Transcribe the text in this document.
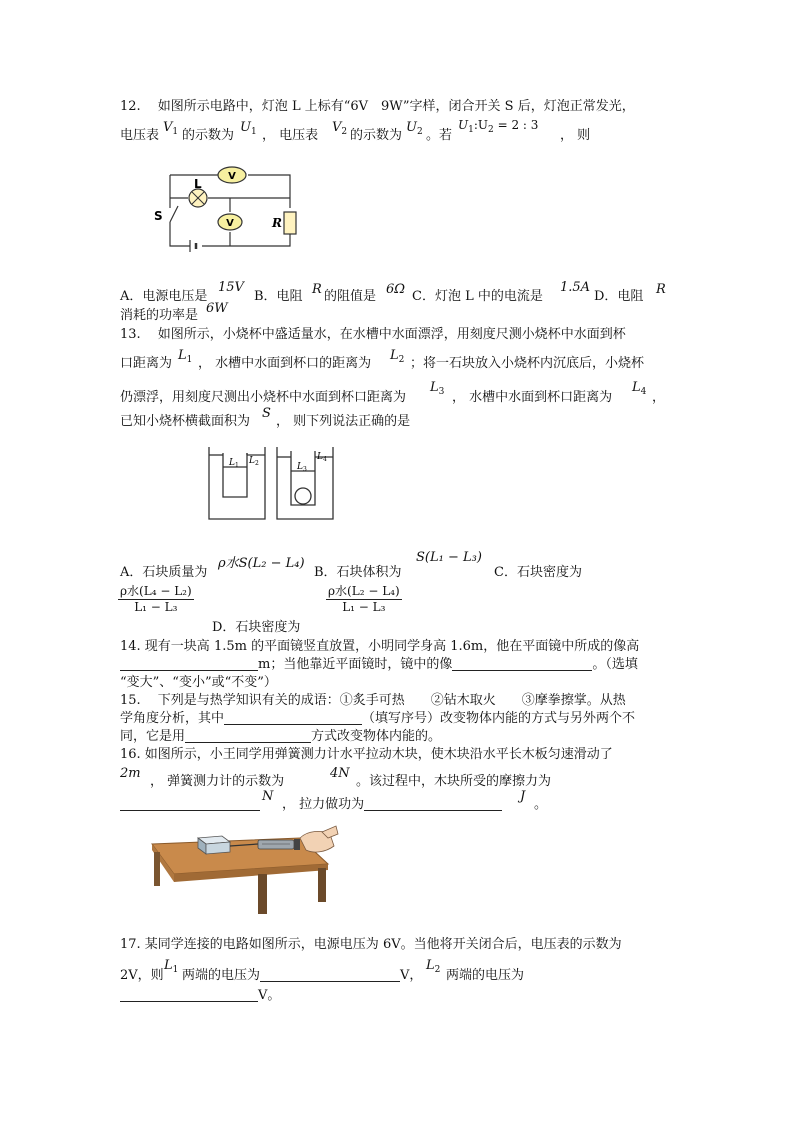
12.　 如图所示电路中，灯泡 L 上标有“6V　9W”字样，闭合开关 S 后，灯泡正常发光，
电压表
$V_1$ 的示数为
$U_1$ ， 电压表
$V_2$ 的示数为
$U_2$ 。若
$U_1:U_2 = 2$ : 3
， 则
V
V	R
L
S
A．电源电压是
15V
B．电阻 R 的阻值是 6Ω C．灯泡 L 中的电流是
1.5A
D．电阻 R
消耗的功率是 6W
13.　 如图所示，小烧杯中盛适量水，在水槽中水面漂浮，用刻度尺测小烧杯中水面到杯
口距离为
$L_1$ ， 水槽中水面到杯口的距离为
$L_2$ ；将一石块放入小烧杯内沉底后，小烧杯
仍漂浮，用刻度尺测出小烧杯中水面到杯口距离为
$L_3$ ， 水槽中水面到杯口距离为
$L_4$ ，
已知小烧杯横截面积为
S
， 则下列说法正确的是
$L_1$ $L_2$	$L_3$
$L_4$
A．石块质量为
ρ水S(L₂ − L₄)
B．石块体积为
S(L₁ − L₃)
C．石块密度为
ρ水(L₄ − L₂)
L₁ − L₃
ρ水(L₂ − L₄)
L₁ − L₃
D．石块密度为
14. 现有一块高 1.5m 的平面镜竖直放置，小明同学身高 1.6m，他在平面镜中所成的像高
m；当他靠近平面镜时，镜中的像	。（选填
“变大”、“变小”或“不变”）
15.　 下列是与热学知识有关的成语：①炙手可热　　②钻木取火　　③摩拳擦掌。从热
学角度分析，其中	（填写序号）改变物体内能的方式与另外两个不
同，它是用	方式改变物体内能的。
16. 如图所示，小王同学用弹簧测力计水平拉动木块，使木块沿水平长木板匀速滑动了
2m
， 弹簧测力计的示数为
4N
。该过程中，木块所受的摩擦力为
N
， 拉力做功为
J
。
17. 某同学连接的电路如图所示，电源电压为 6V。当他将开关闭合后，电压表的示数为
2V，则
$L_1$ 两端的电压为	V，
$L_2$ 两端的电压为
V。
